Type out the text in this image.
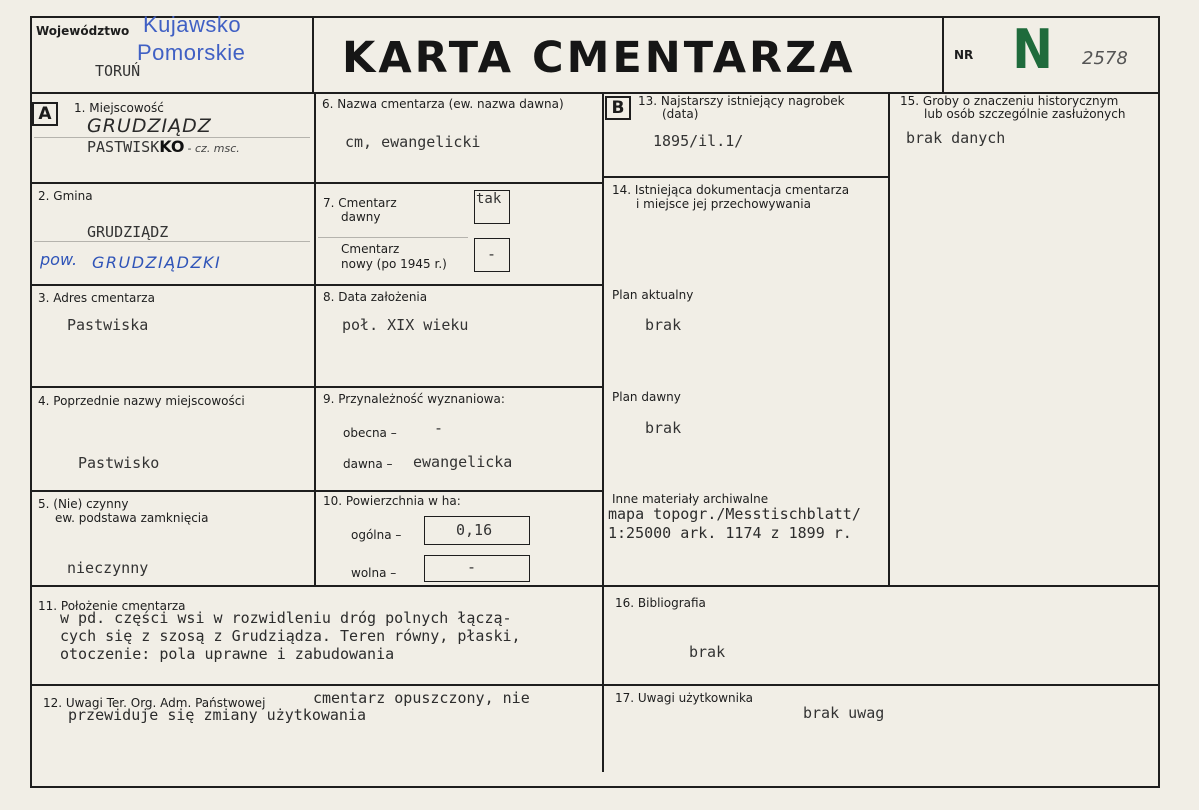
Województwo Kujawsko
Pomorskie
TORUŃ	KARTA CMENTARZA	NR N 2578
A	1. Miejscowość
GRUDZIĄDZ
PASTWISKKO - cz. msc.
2. Gmina
GRUDZIĄDZ
pow. GRUDZIĄDZKI
3. Adres cmentarza
Pastwiska
4. Poprzednie nazwy miejscowości
Pastwisko
5. (Nie) czynny
ew. podstawa zamknięcia
nieczynny
6. Nazwa cmentarza (ew. nazwa dawna)
cm, ewangelicki
7. Cmentarz
dawny
tak
Cmentarz
nowy (po 1945 r.)
-
8. Data założenia
poł. XIX wieku
9. Przynależność wyznaniowa:
obecna – -
dawna – ewangelicka
10. Powierzchnia w ha:
ogólna –	0,16
wolna –	-
11. Położenie cmentarza
w pd. części wsi w rozwidleniu dróg polnych łączą-
cych się z szosą z Grudziądza. Teren równy, płaski,
otoczenie: pola uprawne i zabudowania
12. Uwagi Ter. Org. Adm. Państwowej	cmentarz opuszczony, nie
przewiduje się zmiany użytkowania
B	13. Najstarszy istniejący nagrobek
(data)
1895/il.1/
14. Istniejąca dokumentacja cmentarza
i miejsce jej przechowywania
Plan aktualny
brak
Plan dawny
brak
Inne materiały archiwalne
mapa topogr./Messtischblatt/
1:25000 ark. 1174 z 1899 r.
15. Groby o znaczeniu historycznym
lub osób szczególnie zasłużonych
brak danych
16. Bibliografia
brak
17. Uwagi użytkownika
brak uwag
